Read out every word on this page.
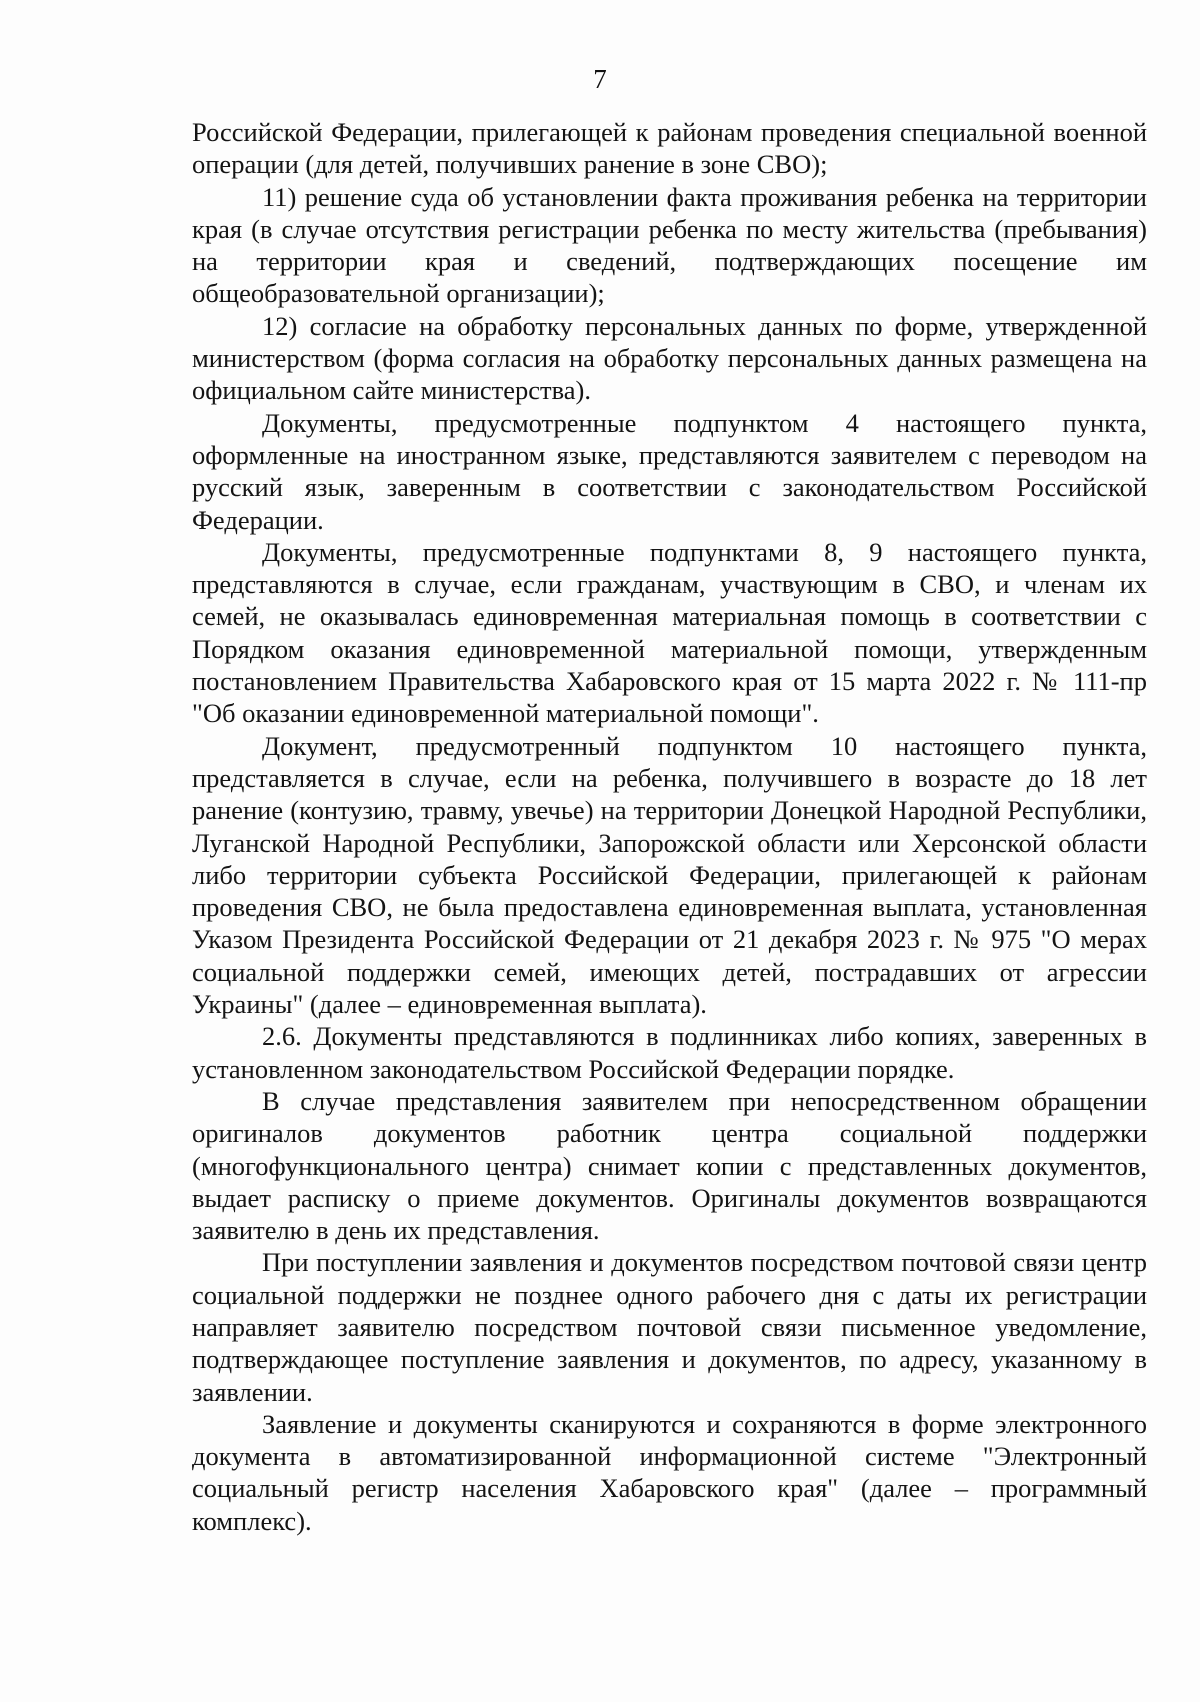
7

Российской Федерации, прилегающей к районам проведения специальной военной операции (для детей, получивших ранение в зоне СВО);

11) решение суда об установлении факта проживания ребенка на территории края (в случае отсутствия регистрации ребенка по месту жительства (пребывания) на территории края и сведений, подтверждающих посещение им общеобразовательной организации);

12) согласие на обработку персональных данных по форме, утвержденной министерством (форма согласия на обработку персональных данных размещена на официальном сайте министерства).

Документы, предусмотренные подпунктом 4 настоящего пункта, оформленные на иностранном языке, представляются заявителем с переводом на русский язык, заверенным в соответствии с законодательством Российской Федерации.

Документы, предусмотренные подпунктами 8, 9 настоящего пункта, представляются в случае, если гражданам, участвующим в СВО, и членам их семей, не оказывалась единовременная материальная помощь в соответствии с Порядком оказания единовременной материальной помощи, утвержденным постановлением Правительства Хабаровского края от 15 марта 2022 г. № 111-пр "Об оказании единовременной материальной помощи".

Документ, предусмотренный подпунктом 10 настоящего пункта, представляется в случае, если на ребенка, получившего в возрасте до 18 лет ранение (контузию, травму, увечье) на территории Донецкой Народной Республики, Луганской Народной Республики, Запорожской области или Херсонской области либо территории субъекта Российской Федерации, прилегающей к районам проведения СВО, не была предоставлена единовременная выплата, установленная Указом Президента Российской Федерации от 21 декабря 2023 г. № 975 "О мерах социальной поддержки семей, имеющих детей, пострадавших от агрессии Украины" (далее – единовременная выплата).

2.6. Документы представляются в подлинниках либо копиях, заверенных в установленном законодательством Российской Федерации порядке.

В случае представления заявителем при непосредственном обращении оригиналов документов работник центра социальной поддержки (многофункционального центра) снимает копии с представленных документов, выдает расписку о приеме документов. Оригиналы документов возвращаются заявителю в день их представления.

При поступлении заявления и документов посредством почтовой связи центр социальной поддержки не позднее одного рабочего дня с даты их регистрации направляет заявителю посредством почтовой связи письменное уведомление, подтверждающее поступление заявления и документов, по адресу, указанному в заявлении.

Заявление и документы сканируются и сохраняются в форме электронного документа в автоматизированной информационной системе "Электронный социальный регистр населения Хабаровского края" (далее – программный комплекс).
